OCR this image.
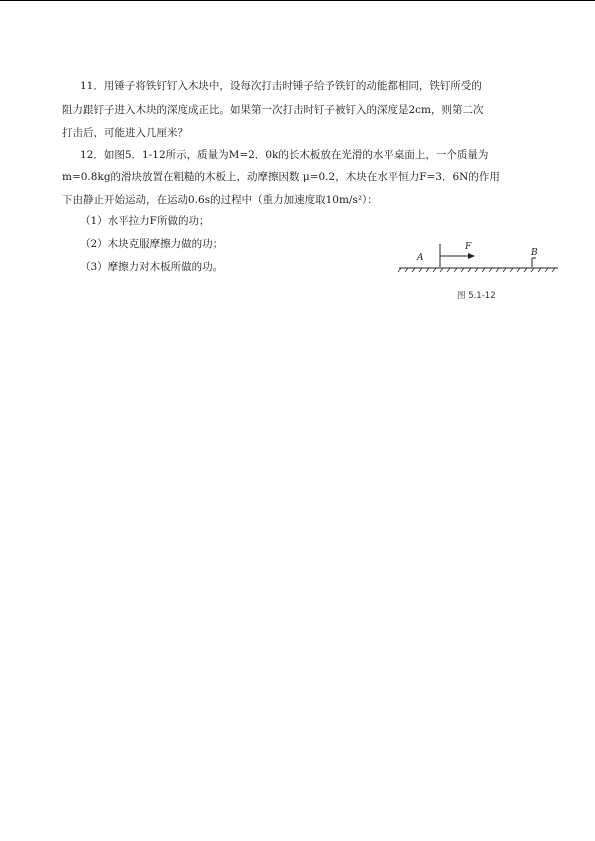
11．用锤子将铁钉钉入木块中，设每次打击时锤子给予铁钉的动能都相同，铁钉所受的
阻力跟钉子进入木块的深度成正比。如果第一次打击时钉子被钉入的深度是2cm，则第二次
打击后，可能进入几厘米？
12．如图5．1-12所示，质量为M=2．0k的长木板放在光滑的水平桌面上，一个质量为
m=0.8kg的滑块放置在粗糙的木板上，动摩擦因数 μ=0.2，木块在水平恒力F=3．6N的作用
下由静止开始运动，在运动0.6s的过程中（重力加速度取10m/s²）：
（1）水平拉力F所做的功；
（2）木块克服摩擦力做的功；
（3）摩擦力对木板所做的功。
A
F
B
图 5.1-12
